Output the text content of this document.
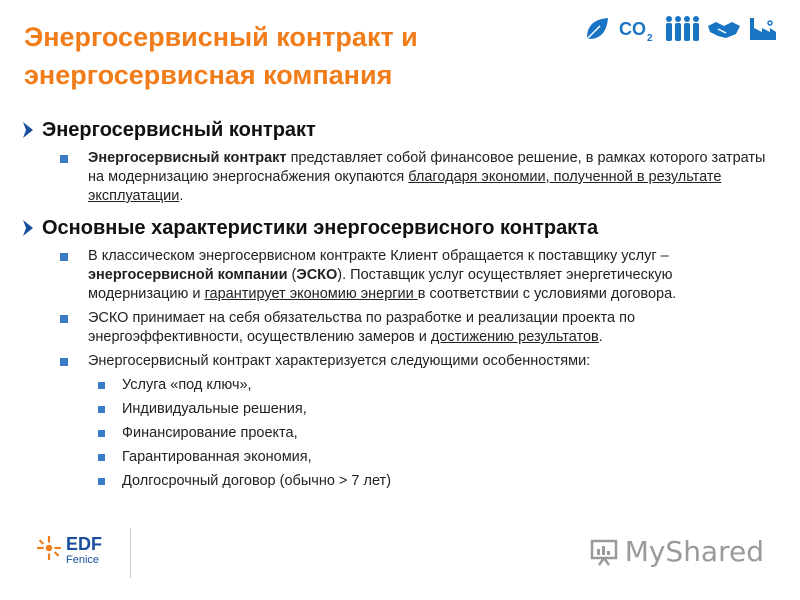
Энергосервисный контракт и
энергосервисная компания
CO 2
Энергосервисный контракт
Энергосервисный контракт представляет собой финансовое решение, в рамках которого затраты на модернизацию энергоснабжения окупаются благодаря экономии, полученной в результате эксплуатации.
Основные характеристики энергосервисного контракта
В классическом энергосервисном контракте Клиент обращается к поставщику услуг – энергосервисной компании (ЭСКО). Поставщик услуг осуществляет энергетическую модернизацию и гарантирует экономию энергии в соответствии с условиями договора.
ЭСКО принимает на себя обязательства по разработке и реализации проекта по энергоэффективности, осуществлению замеров и достижению результатов.
Энергосервисный контракт характеризуется следующими особенностями:
Услуга «под ключ»,
Индивидуальные решения,
Финансирование проекта,
Гарантированная экономия,
Долгосрочный договор (обычно > 7 лет)
EDF
Fenice	MyShared
